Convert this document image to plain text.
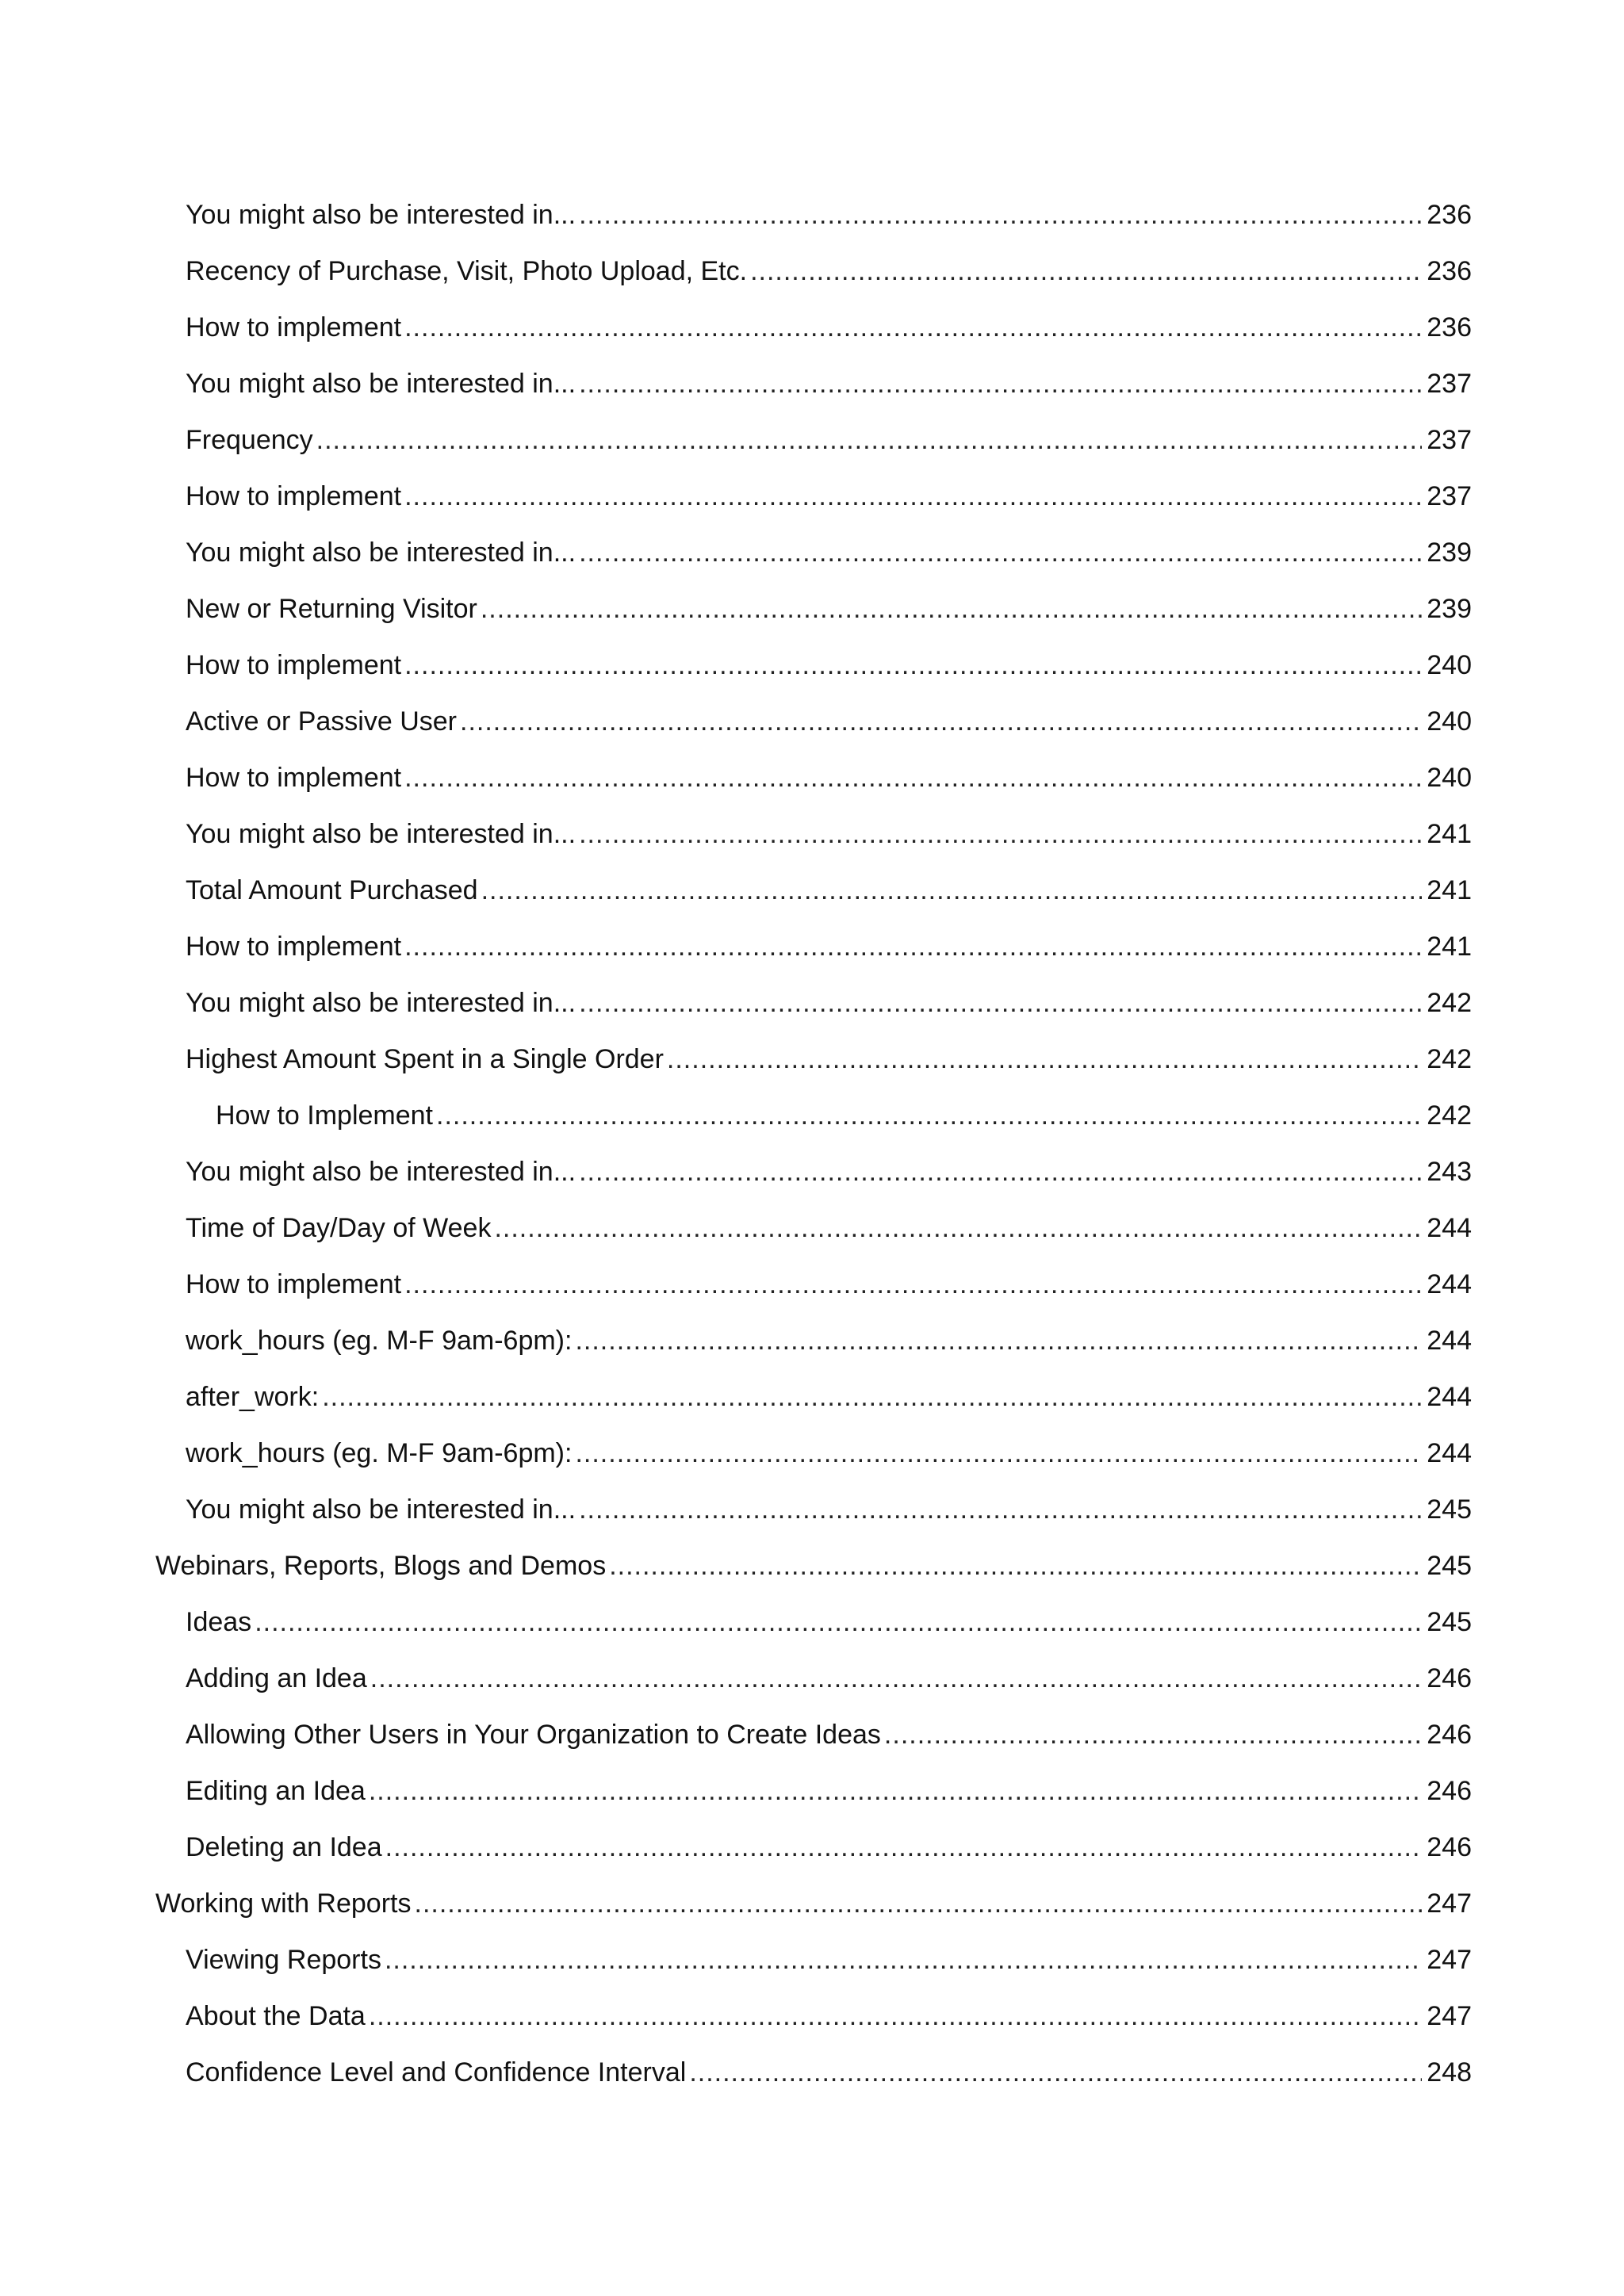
You might also be interested in... .....	236
Recency of Purchase, Visit, Photo Upload, Etc. .....	236
How to implement .....	236
You might also be interested in... .....	237
Frequency .....	237
How to implement .....	237
You might also be interested in... .....	239
New or Returning Visitor .....	239
How to implement .....	240
Active or Passive User .....	240
How to implement .....	240
You might also be interested in... .....	241
Total Amount Purchased .....	241
How to implement .....	241
You might also be interested in... .....	242
Highest Amount Spent in a Single Order .....	242
How to Implement .....	242
You might also be interested in... .....	243
Time of Day/Day of Week .....	244
How to implement .....	244
work_hours (eg. M-F 9am-6pm): .....	244
after_work: .....	244
work_hours (eg. M-F 9am-6pm): .....	244
You might also be interested in... .....	245
Webinars, Reports, Blogs and Demos .....	245
Ideas .....	245
Adding an Idea .....	246
Allowing Other Users in Your Organization to Create Ideas .....	246
Editing an Idea .....	246
Deleting an Idea .....	246
Working with Reports .....	247
Viewing Reports .....	247
About the Data .....	247
Confidence Level and Confidence Interval .....	248
